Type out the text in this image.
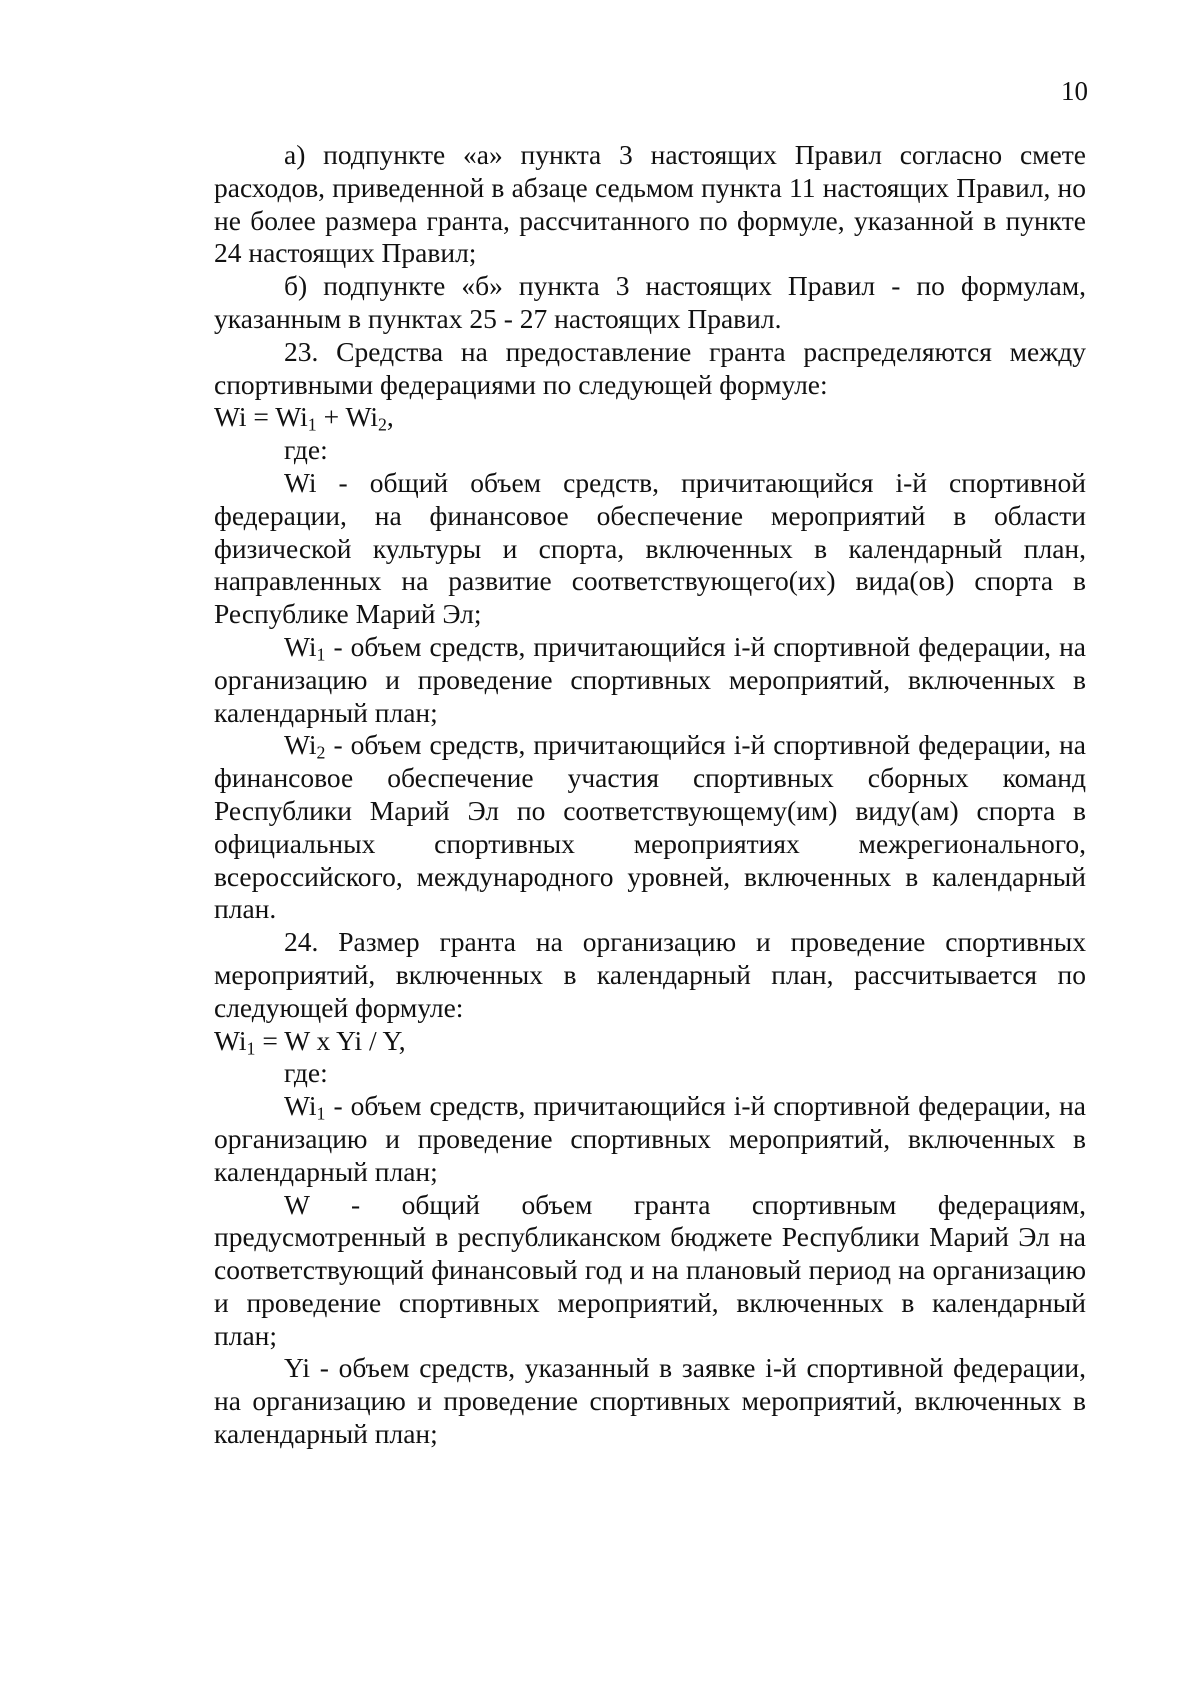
10

а) подпункте «а» пункта 3 настоящих Правил согласно смете расходов, приведенной в абзаце седьмом пункта 11 настоящих Правил, но не более размера гранта, рассчитанного по формуле, указанной в пункте 24 настоящих Правил;

б) подпункте «б» пункта 3 настоящих Правил - по формулам, указанным в пунктах 25 - 27 настоящих Правил.

23. Средства на предоставление гранта распределяются между спортивными федерациями по следующей формуле:

$Wi = Wi_1 + Wi_2$,

где:

Wi - общий объем средств, причитающийся i-й спортивной федерации, на финансовое обеспечение мероприятий в области физической культуры и спорта, включенных в календарный план, направленных на развитие соответствующего(их) вида(ов) спорта в Республике Марий Эл;

$Wi_1$ - объем средств, причитающийся i-й спортивной федерации, на организацию и проведение спортивных мероприятий, включенных в календарный план;

$Wi_2$ - объем средств, причитающийся i-й спортивной федерации, на финансовое обеспечение участия спортивных сборных команд Республики Марий Эл по соответствующему(им) виду(ам) спорта в официальных спортивных мероприятиях межрегионального, всероссийского, международного уровней, включенных в календарный план.

24. Размер гранта на организацию и проведение спортивных мероприятий, включенных в календарный план, рассчитывается по следующей формуле:

$Wi_1 = W$ x Yi / Y,

где:

$Wi_1$ - объем средств, причитающийся i-й спортивной федерации, на организацию и проведение спортивных мероприятий, включенных в календарный план;

W - общий объем гранта спортивным федерациям, предусмотренный в республиканском бюджете Республики Марий Эл на соответствующий финансовый год и на плановый период на организацию и проведение спортивных мероприятий, включенных в календарный план;

Yi - объем средств, указанный в заявке i-й спортивной федерации, на организацию и проведение спортивных мероприятий, включенных в календарный план;
